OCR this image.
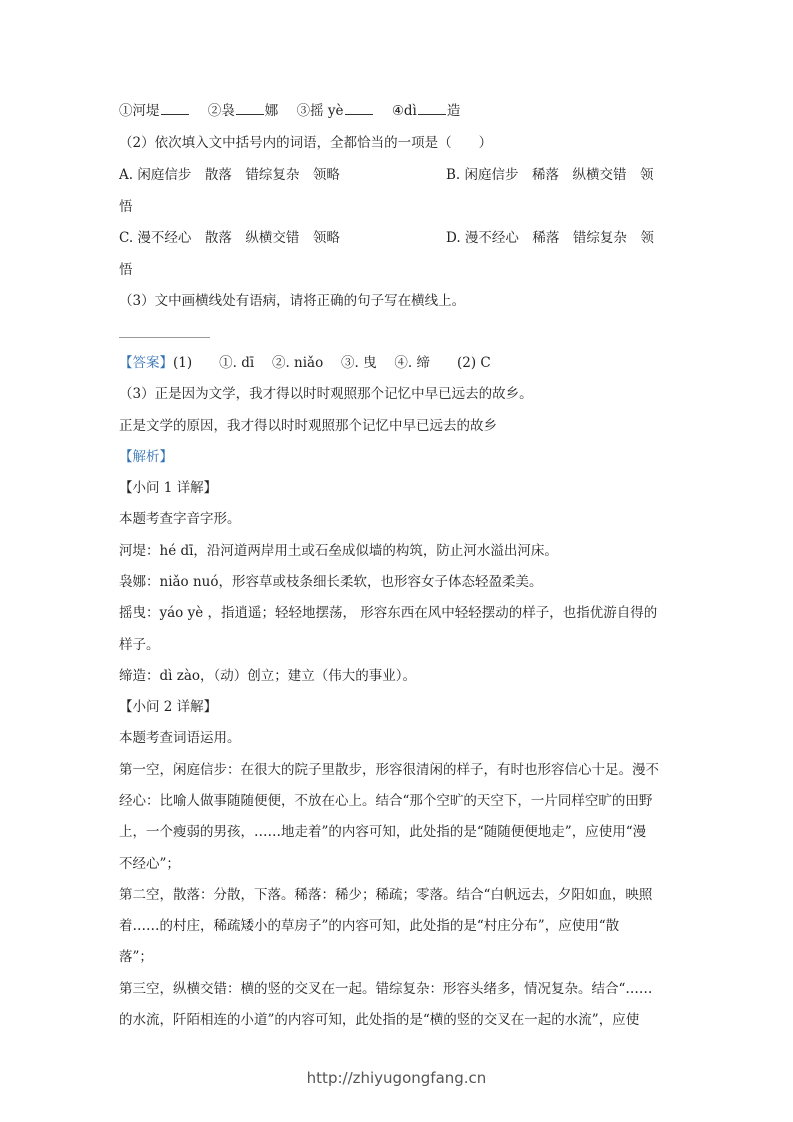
①河堤	②袅 娜 ③摇 yè	④dì 造
（2）依次填入文中括号内的词语，全都恰当的一项是（　　）
A. 闲庭信步　散落　错综复杂　领略	B. 闲庭信步　稀落　纵横交错　领
悟
C. 漫不经心　散落　纵横交错　领略	D. 漫不经心　稀落　错综复杂　领
悟
（3）文中画横线处有语病，请将正确的句子写在横线上。
【答案】(1)　　①. dī　 ②. niǎo　 ③. 曳　 ④. 缔　　(2) C
（3）正是因为文学，我才得以时时观照那个记忆中早已远去的故乡。
正是文学的原因，我才得以时时观照那个记忆中早已远去的故乡
【解析】
【小问 1 详解】
本题考查字音字形。
河堤：hé dī，沿河道两岸用土或石垒成似墙的构筑，防止河水溢出河床。
袅娜：niǎo nuó，形容草或枝条细长柔软，也形容女子体态轻盈柔美。
摇曳：yáo yè ，指逍遥；轻轻地摆荡， 形容东西在风中轻轻摆动的样子，也指优游自得的
样子。
缔造：dì zào，（动）创立；建立（伟大的事业）。
【小问 2 详解】
本题考查词语运用。
第一空，闲庭信步：在很大的院子里散步，形容很清闲的样子，有时也形容信心十足。漫不
经心：比喻人做事随随便便，不放在心上。结合“那个空旷的天空下，一片同样空旷的田野
上，一个瘦弱的男孩，……地走着”的内容可知，此处指的是“随随便便地走”，应使用“漫
不经心”；
第二空，散落：分散，下落。稀落：稀少；稀疏；零落。结合“白帆远去，夕阳如血，映照
着……的村庄，稀疏矮小的草房子”的内容可知，此处指的是“村庄分布”，应使用“散
落”；
第三空，纵横交错：横的竖的交叉在一起。错综复杂：形容头绪多，情况复杂。结合“……
的水流，阡陌相连的小道”的内容可知，此处指的是“横的竖的交叉在一起的水流”，应使
http://zhiyugongfang.cn
